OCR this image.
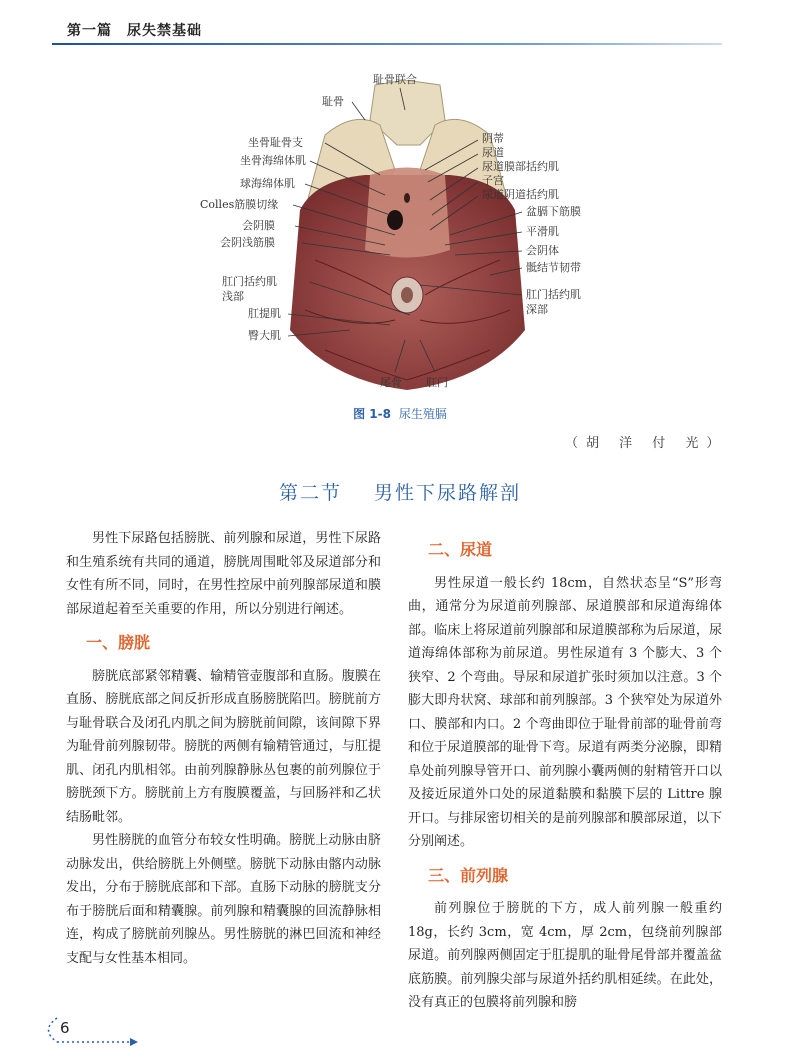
第一篇　尿失禁基础
耻骨联合
耻骨
坐骨耻骨支
坐骨海绵体肌
球海绵体肌
Colles筋膜切缘
会阴膜
会阴浅筋膜
肛门括约肌
浅部
肛提肌
臀大肌
阴蒂
尿道
尿道膜部括约肌
子宫
尿道阴道括约肌
盆膈下筋膜
平滑肌
会阴体
骶结节韧带
肛门括约肌
深部
尾骨 肛门
图 1-8 尿生殖膈
（胡 洋 付 光）
第二节 男性下尿路解剖

男性下尿路包括膀胱、前列腺和尿道，男性下尿路和生殖系统有共同的通道，膀胱周围毗邻及尿道部分和女性有所不同，同时，在男性控尿中前列腺部尿道和膜部尿道起着至关重要的作用，所以分别进行阐述。

一、膀胱

膀胱底部紧邻精囊、输精管壶腹部和直肠。腹膜在直肠、膀胱底部之间反折形成直肠膀胱陷凹。膀胱前方与耻骨联合及闭孔内肌之间为膀胱前间隙，该间隙下界为耻骨前列腺韧带。膀胱的两侧有输精管通过，与肛提肌、闭孔内肌相邻。由前列腺静脉丛包裹的前列腺位于膀胱颈下方。膀胱前上方有腹膜覆盖，与回肠袢和乙状结肠毗邻。

男性膀胱的血管分布较女性明确。膀胱上动脉由脐动脉发出，供给膀胱上外侧壁。膀胱下动脉由髂内动脉发出，分布于膀胱底部和下部。直肠下动脉的膀胱支分布于膀胱后面和精囊腺。前列腺和精囊腺的回流静脉相连，构成了膀胱前列腺丛。男性膀胱的淋巴回流和神经支配与女性基本相同。

二、尿道

男性尿道一般长约 18cm，自然状态呈“S”形弯曲，通常分为尿道前列腺部、尿道膜部和尿道海绵体部。临床上将尿道前列腺部和尿道膜部称为后尿道，尿道海绵体部称为前尿道。男性尿道有 3 个膨大、3 个狭窄、2 个弯曲。导尿和尿道扩张时须加以注意。3 个膨大即舟状窝、球部和前列腺部。3 个狭窄处为尿道外口、膜部和内口。2 个弯曲即位于耻骨前部的耻骨前弯和位于尿道膜部的耻骨下弯。尿道有两类分泌腺，即精阜处前列腺导管开口、前列腺小囊两侧的射精管开口以及接近尿道外口处的尿道黏膜和黏膜下层的 Littre 腺开口。与排尿密切相关的是前列腺部和膜部尿道，以下分别阐述。

三、前列腺

前列腺位于膀胱的下方，成人前列腺一般重约 18g，长约 3cm，宽 4cm，厚 2cm，包绕前列腺部尿道。前列腺两侧固定于肛提肌的耻骨尾骨部并覆盖盆底筋膜。前列腺尖部与尿道外括约肌相延续。在此处，没有真正的包膜将前列腺和膀

6
